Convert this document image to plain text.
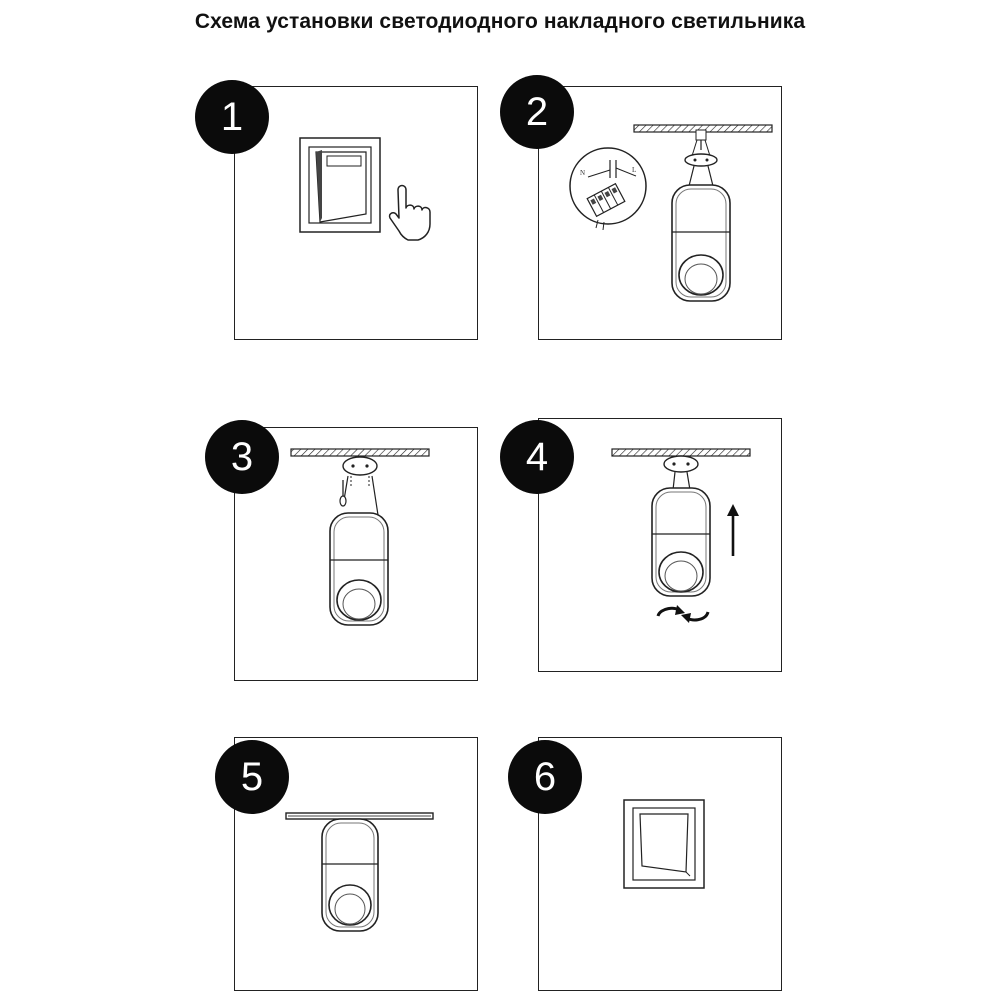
Схема установки светодиодного накладного светильника
1	2
3	4
5	6
N	L
